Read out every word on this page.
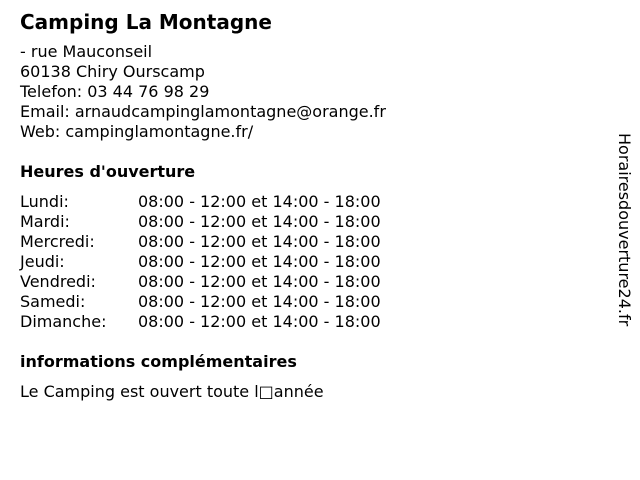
Camping La Montagne
- rue Mauconseil
60138 Chiry Ourscamp
Telefon: 03 44 76 98 29
Email: arnaudcampinglamontagne@orange.fr
Web: campinglamontagne.fr/
Heures d'ouverture
Lundi:	08:00 - 12:00 et 14:00 - 18:00
Mardi:	08:00 - 12:00 et 14:00 - 18:00
Mercredi:	08:00 - 12:00 et 14:00 - 18:00
Jeudi:	08:00 - 12:00 et 14:00 - 18:00
Vendredi:	08:00 - 12:00 et 14:00 - 18:00
Samedi:	08:00 - 12:00 et 14:00 - 18:00
Dimanche:	08:00 - 12:00 et 14:00 - 18:00
informations complémentaires
Le Camping est ouvert toute l□année
Horairesdouverture24.fr
